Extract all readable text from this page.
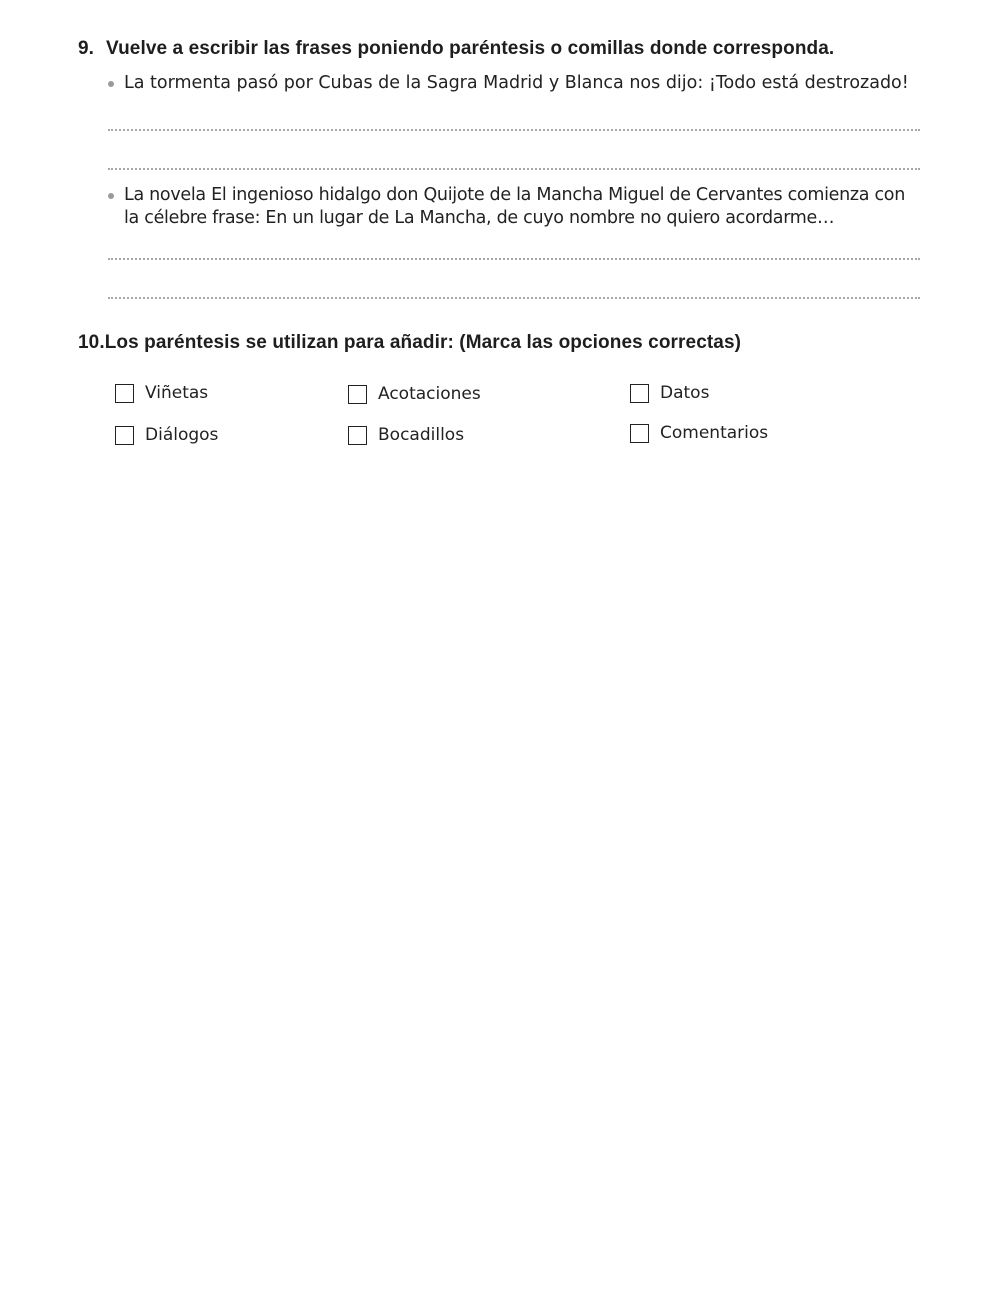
9. Vuelve a escribir las frases poniendo paréntesis o comillas donde corresponda.
La tormenta pasó por Cubas de la Sagra Madrid y Blanca nos dijo: ¡Todo está destrozado!
La novela El ingenioso hidalgo don Quijote de la Mancha Miguel de Cervantes comienza con la célebre frase: En un lugar de La Mancha, de cuyo nombre no quiero acordarme…
10.Los paréntesis se utilizan para añadir: (Marca las opciones correctas)
Viñetas	Acotaciones	Datos
Diálogos	Bocadillos	Comentarios
